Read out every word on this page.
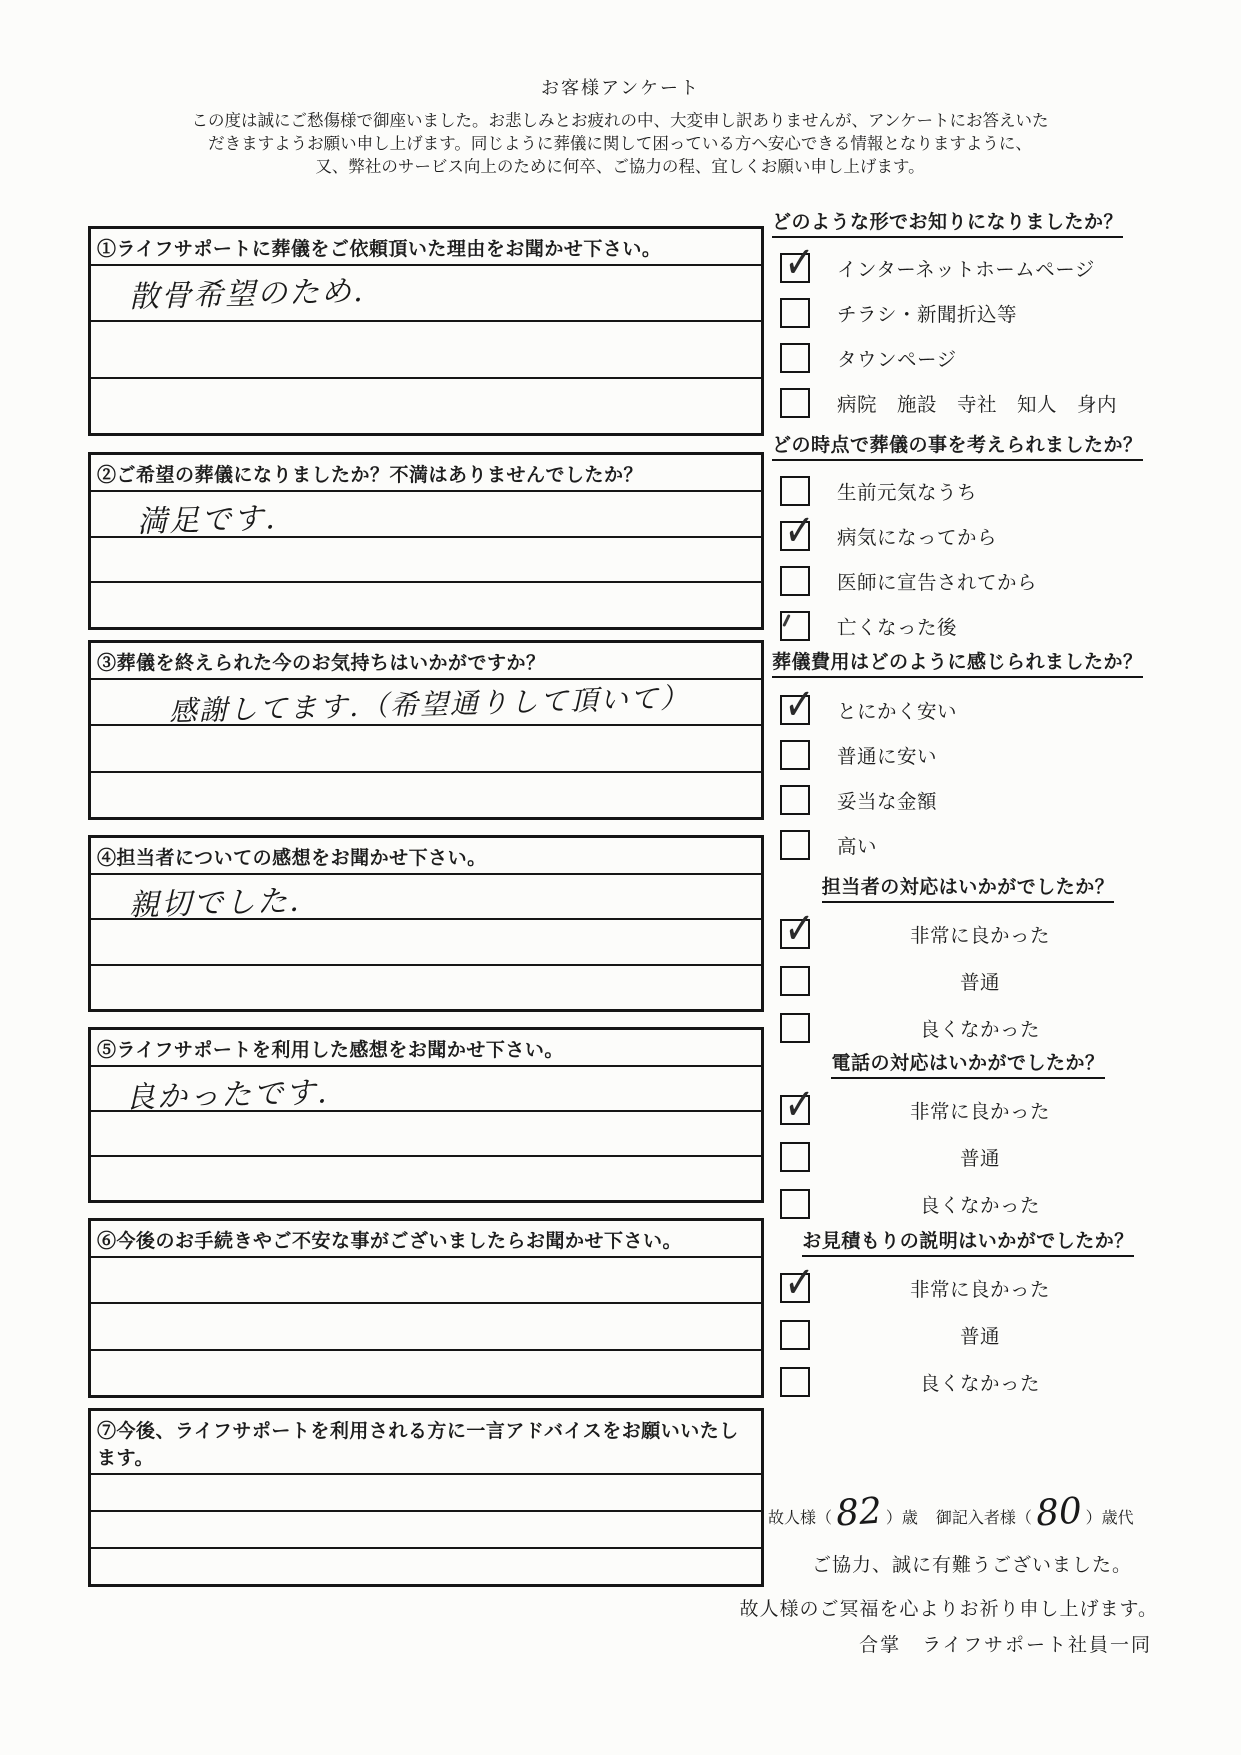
お客様アンケート
この度は誠にご愁傷様で御座いました。お悲しみとお疲れの中、大変申し訳ありませんが、アンケートにお答えいた
だきますようお願い申し上げます。同じように葬儀に関して困っている方へ安心できる情報となりますように、
又、弊社のサービス向上のために何卒、ご協力の程、宜しくお願い申し上げます。
①ライフサポートに葬儀をご依頼頂いた理由をお聞かせ下さい。
散骨希望のため.
②ご希望の葬儀になりましたか？不満はありませんでしたか？
満足です.
③葬儀を終えられた今のお気持ちはいかがですか？
感謝してます.（希望通りして頂いて）
④担当者についての感想をお聞かせ下さい。
親切でした.
⑤ライフサポートを利用した感想をお聞かせ下さい。
良かったです.
⑥今後のお手続きやご不安な事がございましたらお聞かせ下さい。
⑦今後、ライフサポートを利用される方に一言アドバイスをお願いいたします。
どのような形でお知りになりましたか？
✓
インターネットホームページ
チラシ・新聞折込等
タウンページ
病院　施設　寺社　知人　身内
どの時点で葬儀の事を考えられましたか？
生前元気なうち
✓
病気になってから
医師に宣告されてから
亡くなった後
葬儀費用はどのように感じられましたか？
✓
とにかく安い
普通に安い
妥当な金額
高い
担当者の対応はいかがでしたか？
✓
非常に良かった
普通
良くなかった
電話の対応はいかがでしたか？
✓
非常に良かった
普通
良くなかった
お見積もりの説明はいかがでしたか？
✓
非常に良かった
普通
良くなかった
故人様（ 82 ）歳 御記入者様（ 80 ）歳代
ご協力、誠に有難うございました。
故人様のご冥福を心よりお祈り申し上げます。
合掌　ライフサポート社員一同
